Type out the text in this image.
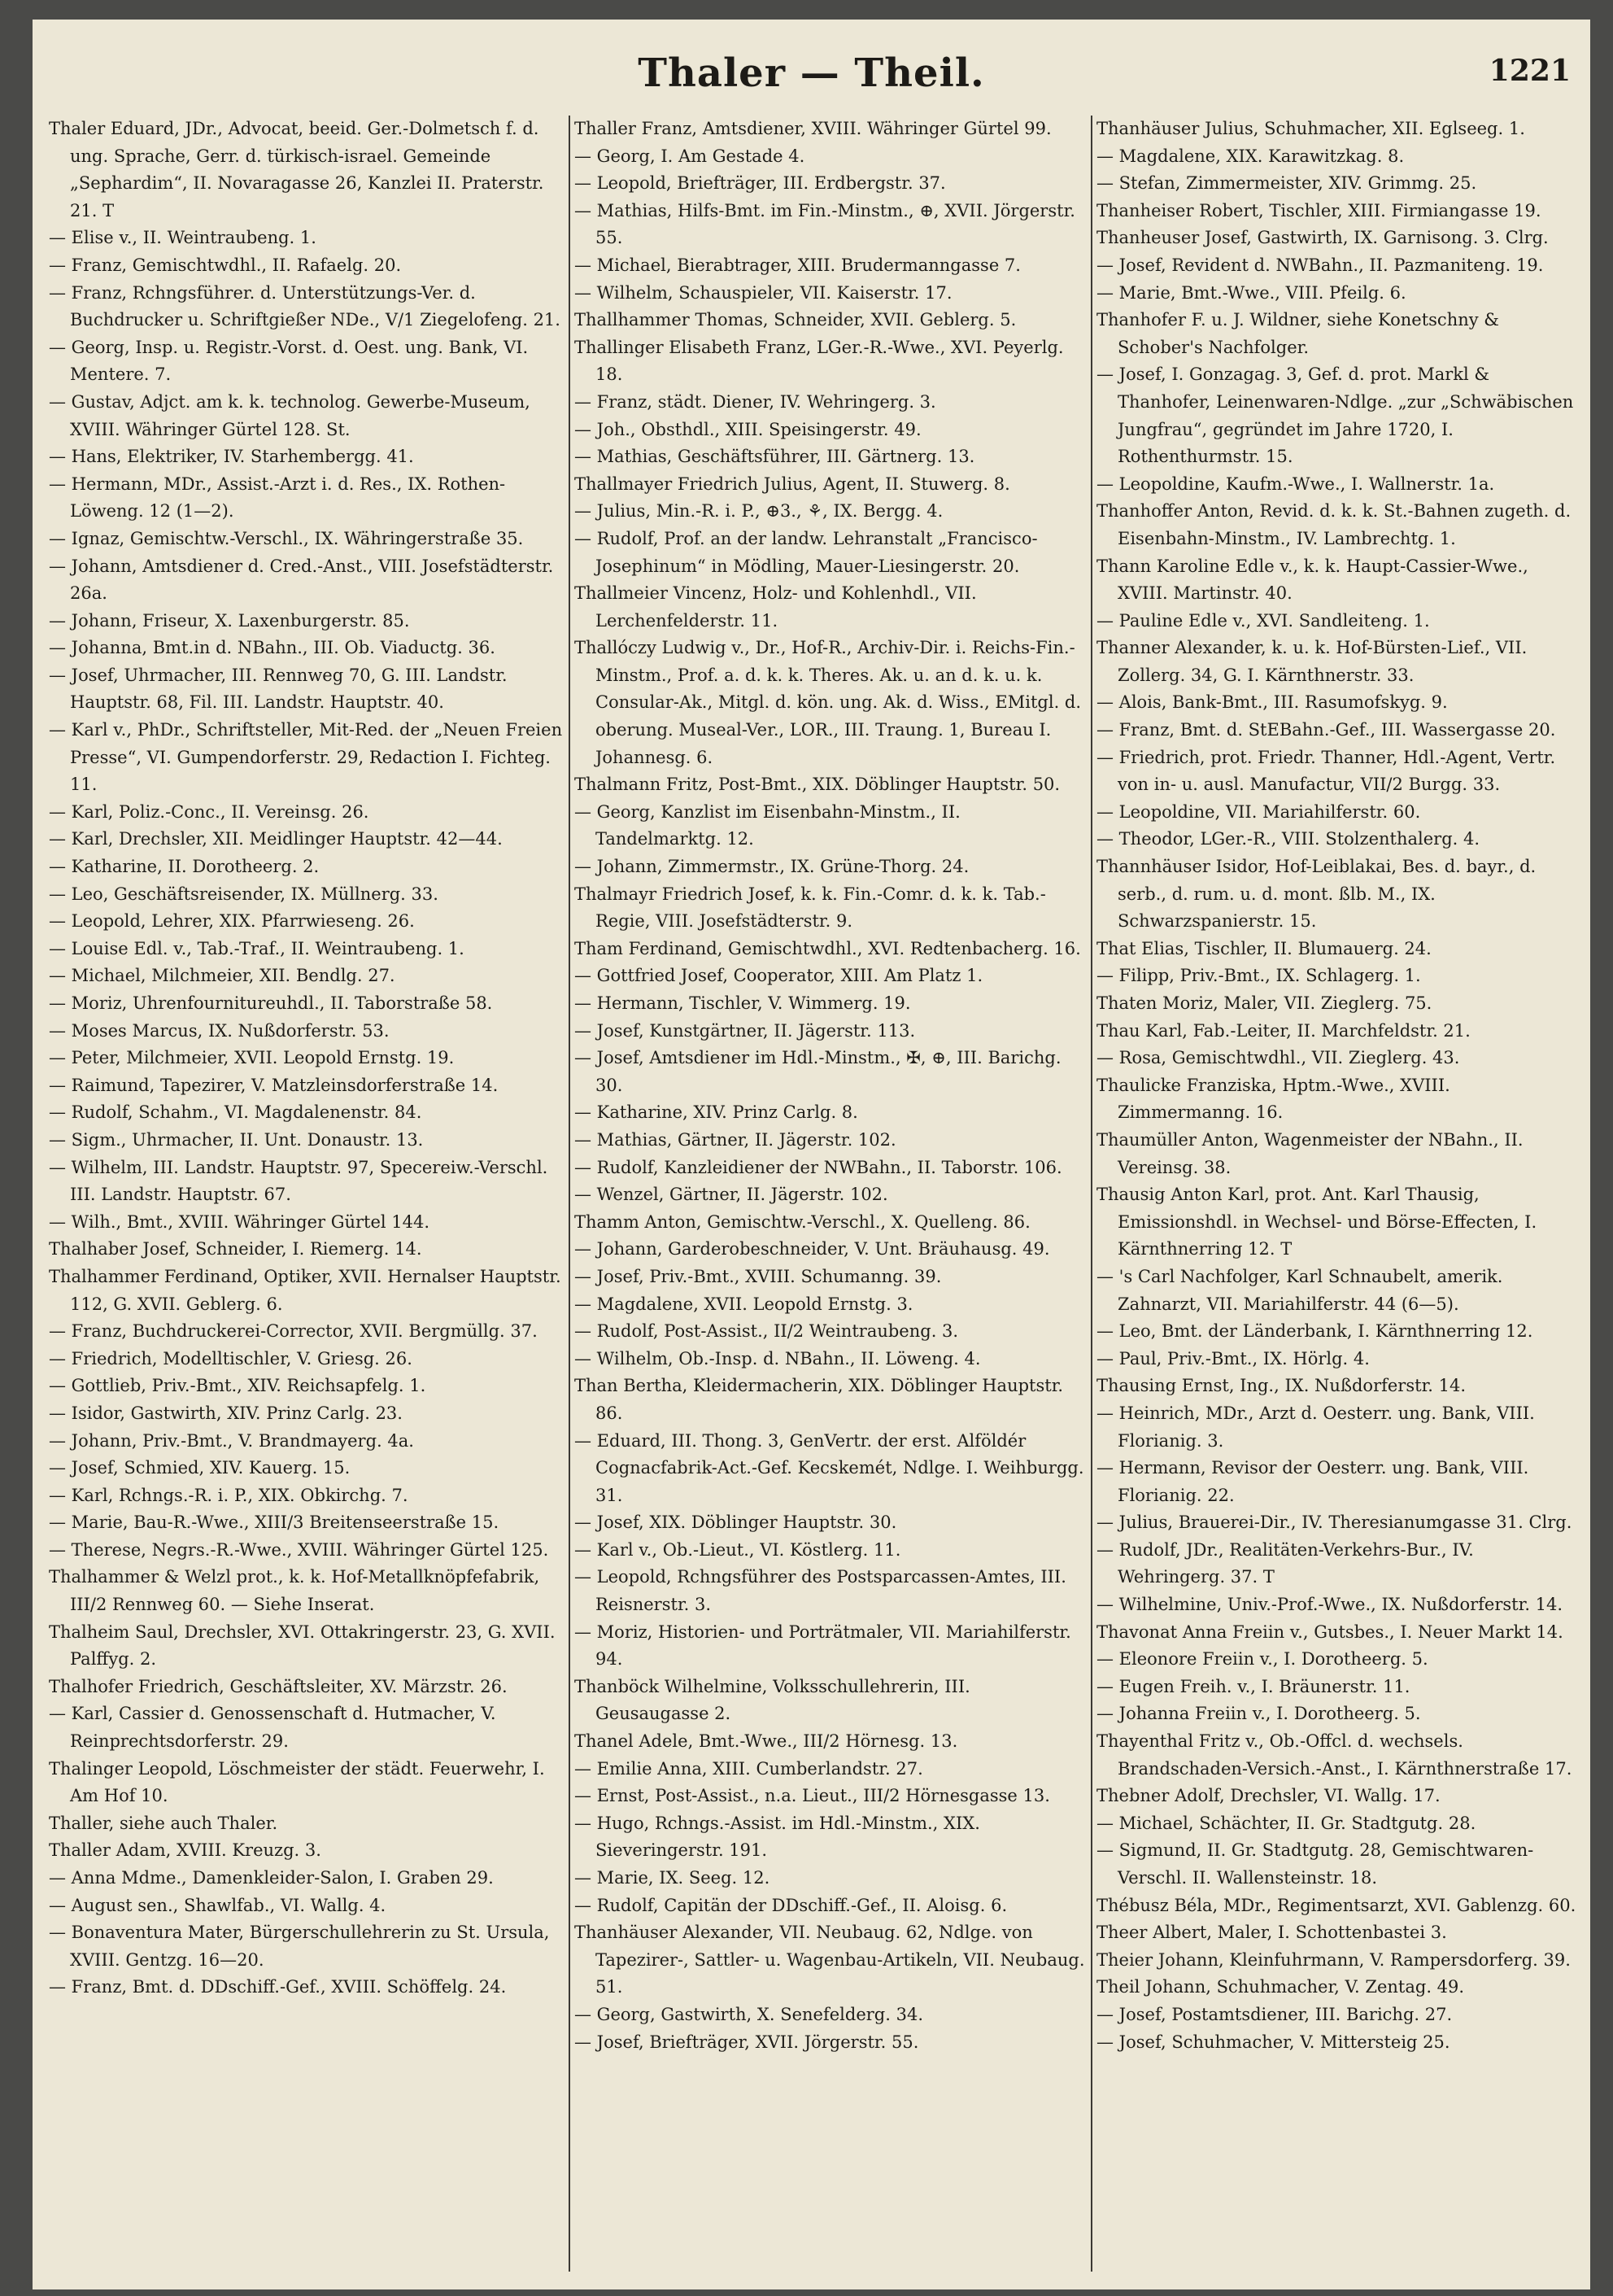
Thaler — Theil.	1221

Thaler Eduard, JDr., Advocat, beeid. Ger.-Dolmetsch f. d. ung. Sprache, Gerr. d. türkisch-israel. Gemeinde „Sephardim“, II. Novaragasse 26, Kanzlei II. Praterstr. 21. T

— Elise v., II. Weintraubeng. 1.

— Franz, Gemischtwdhl., II. Rafaelg. 20.

— Franz, Rchngsführer. d. Unterstützungs-Ver. d. Buchdrucker u. Schriftgießer NDe., V/1 Ziegelofeng. 21.

— Georg, Insp. u. Registr.-Vorst. d. Oest. ung. Bank, VI. Mentere. 7.

— Gustav, Adjct. am k. k. technolog. Gewerbe-Museum, XVIII. Währinger Gürtel 128. St.

— Hans, Elektriker, IV. Starhembergg. 41.

— Hermann, MDr., Assist.-Arzt i. d. Res., IX. Rothen-Löweng. 12 (1—2).

— Ignaz, Gemischtw.-Verschl., IX. Währingerstraße 35.

— Johann, Amtsdiener d. Cred.-Anst., VIII. Josefstädterstr. 26a.

— Johann, Friseur, X. Laxenburgerstr. 85.

— Johanna, Bmt.in d. NBahn., III. Ob. Viaductg. 36.

— Josef, Uhrmacher, III. Rennweg 70, G. III. Landstr. Hauptstr. 68, Fil. III. Landstr. Hauptstr. 40.

— Karl v., PhDr., Schriftsteller, Mit-Red. der „Neuen Freien Presse“, VI. Gumpendorferstr. 29, Redaction I. Fichteg. 11.

— Karl, Poliz.-Conc., II. Vereinsg. 26.

— Karl, Drechsler, XII. Meidlinger Hauptstr. 42—44.

— Katharine, II. Dorotheerg. 2.

— Leo, Geschäftsreisender, IX. Müllnerg. 33.

— Leopold, Lehrer, XIX. Pfarrwieseng. 26.

— Louise Edl. v., Tab.-Traf., II. Weintraubeng. 1.

— Michael, Milchmeier, XII. Bendlg. 27.

— Moriz, Uhrenfournitureuhdl., II. Taborstraße 58.

— Moses Marcus, IX. Nußdorferstr. 53.

— Peter, Milchmeier, XVII. Leopold Ernstg. 19.

— Raimund, Tapezirer, V. Matzleinsdorferstraße 14.

— Rudolf, Schahm., VI. Magdalenenstr. 84.

— Sigm., Uhrmacher, II. Unt. Donaustr. 13.

— Wilhelm, III. Landstr. Hauptstr. 97, Specereiw.-Verschl. III. Landstr. Hauptstr. 67.

— Wilh., Bmt., XVIII. Währinger Gürtel 144.

Thalhaber Josef, Schneider, I. Riemerg. 14.

Thalhammer Ferdinand, Optiker, XVII. Hernalser Hauptstr. 112, G. XVII. Geblerg. 6.

— Franz, Buchdruckerei-Corrector, XVII. Bergmüllg. 37.

— Friedrich, Modelltischler, V. Griesg. 26.

— Gottlieb, Priv.-Bmt., XIV. Reichsapfelg. 1.

— Isidor, Gastwirth, XIV. Prinz Carlg. 23.

— Johann, Priv.-Bmt., V. Brandmayerg. 4a.

— Josef, Schmied, XIV. Kauerg. 15.

— Karl, Rchngs.-R. i. P., XIX. Obkirchg. 7.

— Marie, Bau-R.-Wwe., XIII/3 Breitenseerstraße 15.

— Therese, Negrs.-R.-Wwe., XVIII. Währinger Gürtel 125.

Thalhammer & Welzl prot., k. k. Hof-Metallknöpfefabrik, III/2 Rennweg 60. — Siehe Inserat.

Thalheim Saul, Drechsler, XVI. Ottakringerstr. 23, G. XVII. Palffyg. 2.

Thalhofer Friedrich, Geschäftsleiter, XV. Märzstr. 26.

— Karl, Cassier d. Genossenschaft d. Hutmacher, V. Reinprechtsdorferstr. 29.

Thalinger Leopold, Löschmeister der städt. Feuerwehr, I. Am Hof 10.

Thaller, siehe auch Thaler.

Thaller Adam, XVIII. Kreuzg. 3.

— Anna Mdme., Damenkleider-Salon, I. Graben 29.

— August sen., Shawlfab., VI. Wallg. 4.

— Bonaventura Mater, Bürgerschullehrerin zu St. Ursula, XVIII. Gentzg. 16—20.

— Franz, Bmt. d. DDschiff.-Gef., XVIII. Schöffelg. 24.

Thaller Franz, Amtsdiener, XVIII. Währinger Gürtel 99.

— Georg, I. Am Gestade 4.

— Leopold, Briefträger, III. Erdbergstr. 37.

— Mathias, Hilfs-Bmt. im Fin.-Minstm., ⊕, XVII. Jörgerstr. 55.

— Michael, Bierabtrager, XIII. Brudermanngasse 7.

— Wilhelm, Schauspieler, VII. Kaiserstr. 17.

Thallhammer Thomas, Schneider, XVII. Geblerg. 5.

Thallinger Elisabeth Franz, LGer.-R.-Wwe., XVI. Peyerlg. 18.

— Franz, städt. Diener, IV. Wehringerg. 3.

— Joh., Obsthdl., XIII. Speisingerstr. 49.

— Mathias, Geschäftsführer, III. Gärtnerg. 13.

Thallmayer Friedrich Julius, Agent, II. Stuwerg. 8.

— Julius, Min.-R. i. P., ⊕3., ⚘, IX. Bergg. 4.

— Rudolf, Prof. an der landw. Lehranstalt „Francisco-Josephinum“ in Mödling, Mauer-Liesingerstr. 20.

Thallmeier Vincenz, Holz- und Kohlenhdl., VII. Lerchenfelderstr. 11.

Thallóczy Ludwig v., Dr., Hof-R., Archiv-Dir. i. Reichs-Fin.-Minstm., Prof. a. d. k. k. Theres. Ak. u. an d. k. u. k. Consular-Ak., Mitgl. d. kön. ung. Ak. d. Wiss., EMitgl. d. oberung. Museal-Ver., LOR., III. Traung. 1, Bureau I. Johannesg. 6.

Thalmann Fritz, Post-Bmt., XIX. Döblinger Hauptstr. 50.

— Georg, Kanzlist im Eisenbahn-Minstm., II. Tandelmarktg. 12.

— Johann, Zimmermstr., IX. Grüne-Thorg. 24.

Thalmayr Friedrich Josef, k. k. Fin.-Comr. d. k. k. Tab.-Regie, VIII. Josefstädterstr. 9.

Tham Ferdinand, Gemischtwdhl., XVI. Redtenbacherg. 16.

— Gottfried Josef, Cooperator, XIII. Am Platz 1.

— Hermann, Tischler, V. Wimmerg. 19.

— Josef, Kunstgärtner, II. Jägerstr. 113.

— Josef, Amtsdiener im Hdl.-Minstm., ✠, ⊕, III. Barichg. 30.

— Katharine, XIV. Prinz Carlg. 8.

— Mathias, Gärtner, II. Jägerstr. 102.

— Rudolf, Kanzleidiener der NWBahn., II. Taborstr. 106.

— Wenzel, Gärtner, II. Jägerstr. 102.

Thamm Anton, Gemischtw.-Verschl., X. Quelleng. 86.

— Johann, Garderobeschneider, V. Unt. Bräuhausg. 49.

— Josef, Priv.-Bmt., XVIII. Schumanng. 39.

— Magdalene, XVII. Leopold Ernstg. 3.

— Rudolf, Post-Assist., II/2 Weintraubeng. 3.

— Wilhelm, Ob.-Insp. d. NBahn., II. Löweng. 4.

Than Bertha, Kleidermacherin, XIX. Döblinger Hauptstr. 86.

— Eduard, III. Thong. 3, GenVertr. der erst. Alföldér Cognacfabrik-Act.-Gef. Kecskemét, Ndlge. I. Weihburgg. 31.

— Josef, XIX. Döblinger Hauptstr. 30.

— Karl v., Ob.-Lieut., VI. Köstlerg. 11.

— Leopold, Rchngsführer des Postsparcassen-Amtes, III. Reisnerstr. 3.

— Moriz, Historien- und Porträtmaler, VII. Mariahilferstr. 94.

Thanböck Wilhelmine, Volksschullehrerin, III. Geusaugasse 2.

Thanel Adele, Bmt.-Wwe., III/2 Hörnesg. 13.

— Emilie Anna, XIII. Cumberlandstr. 27.

— Ernst, Post-Assist., n.a. Lieut., III/2 Hörnesgasse 13.

— Hugo, Rchngs.-Assist. im Hdl.-Minstm., XIX. Sieveringerstr. 191.

— Marie, IX. Seeg. 12.

— Rudolf, Capitän der DDschiff.-Gef., II. Aloisg. 6.

Thanhäuser Alexander, VII. Neubaug. 62, Ndlge. von Tapezirer-, Sattler- u. Wagenbau-Artikeln, VII. Neubaug. 51.

— Georg, Gastwirth, X. Senefelderg. 34.

— Josef, Briefträger, XVII. Jörgerstr. 55.

Thanhäuser Julius, Schuhmacher, XII. Eglseeg. 1.

— Magdalene, XIX. Karawitzkag. 8.

— Stefan, Zimmermeister, XIV. Grimmg. 25.

Thanheiser Robert, Tischler, XIII. Firmiangasse 19.

Thanheuser Josef, Gastwirth, IX. Garnisong. 3. Clrg.

— Josef, Revident d. NWBahn., II. Pazmaniteng. 19.

— Marie, Bmt.-Wwe., VIII. Pfeilg. 6.

Thanhofer F. u. J. Wildner, siehe Konetschny & Schober's Nachfolger.

— Josef, I. Gonzagag. 3, Gef. d. prot. Markl & Thanhofer, Leinenwaren-Ndlge. „zur „Schwäbischen Jungfrau“, gegründet im Jahre 1720, I. Rothenthurmstr. 15.

— Leopoldine, Kaufm.-Wwe., I. Wallnerstr. 1a.

Thanhoffer Anton, Revid. d. k. k. St.-Bahnen zugeth. d. Eisenbahn-Minstm., IV. Lambrechtg. 1.

Thann Karoline Edle v., k. k. Haupt-Cassier-Wwe., XVIII. Martinstr. 40.

— Pauline Edle v., XVI. Sandleiteng. 1.

Thanner Alexander, k. u. k. Hof-Bürsten-Lief., VII. Zollerg. 34, G. I. Kärnthnerstr. 33.

— Alois, Bank-Bmt., III. Rasumofskyg. 9.

— Franz, Bmt. d. StEBahn.-Gef., III. Wassergasse 20.

— Friedrich, prot. Friedr. Thanner, Hdl.-Agent, Vertr. von in- u. ausl. Manufactur, VII/2 Burgg. 33.

— Leopoldine, VII. Mariahilferstr. 60.

— Theodor, LGer.-R., VIII. Stolzenthalerg. 4.

Thannhäuser Isidor, Hof-Leiblakai, Bes. d. bayr., d. serb., d. rum. u. d. mont. ßlb. M., IX. Schwarzspanierstr. 15.

That Elias, Tischler, II. Blumauerg. 24.

— Filipp, Priv.-Bmt., IX. Schlagerg. 1.

Thaten Moriz, Maler, VII. Zieglerg. 75.

Thau Karl, Fab.-Leiter, II. Marchfeldstr. 21.

— Rosa, Gemischtwdhl., VII. Zieglerg. 43.

Thaulicke Franziska, Hptm.-Wwe., XVIII. Zimmermanng. 16.

Thaumüller Anton, Wagenmeister der NBahn., II. Vereinsg. 38.

Thausig Anton Karl, prot. Ant. Karl Thausig, Emissionshdl. in Wechsel- und Börse-Effecten, I. Kärnthnerring 12. T

— 's Carl Nachfolger, Karl Schnaubelt, amerik. Zahnarzt, VII. Mariahilferstr. 44 (6—5).

— Leo, Bmt. der Länderbank, I. Kärnthnerring 12.

— Paul, Priv.-Bmt., IX. Hörlg. 4.

Thausing Ernst, Ing., IX. Nußdorferstr. 14.

— Heinrich, MDr., Arzt d. Oesterr. ung. Bank, VIII. Florianig. 3.

— Hermann, Revisor der Oesterr. ung. Bank, VIII. Florianig. 22.

— Julius, Brauerei-Dir., IV. Theresianumgasse 31. Clrg.

— Rudolf, JDr., Realitäten-Verkehrs-Bur., IV. Wehringerg. 37. T

— Wilhelmine, Univ.-Prof.-Wwe., IX. Nußdorferstr. 14.

Thavonat Anna Freiin v., Gutsbes., I. Neuer Markt 14.

— Eleonore Freiin v., I. Dorotheerg. 5.

— Eugen Freih. v., I. Bräunerstr. 11.

— Johanna Freiin v., I. Dorotheerg. 5.

Thayenthal Fritz v., Ob.-Offcl. d. wechsels. Brandschaden-Versich.-Anst., I. Kärnthnerstraße 17.

Thebner Adolf, Drechsler, VI. Wallg. 17.

— Michael, Schächter, II. Gr. Stadtgutg. 28.

— Sigmund, II. Gr. Stadtgutg. 28, Gemischtwaren-Verschl. II. Wallensteinstr. 18.

Thébusz Béla, MDr., Regimentsarzt, XVI. Gablenzg. 60.

Theer Albert, Maler, I. Schottenbastei 3.

Theier Johann, Kleinfuhrmann, V. Rampersdorferg. 39.

Theil Johann, Schuhmacher, V. Zentag. 49.

— Josef, Postamtsdiener, III. Barichg. 27.

— Josef, Schuhmacher, V. Mittersteig 25.
